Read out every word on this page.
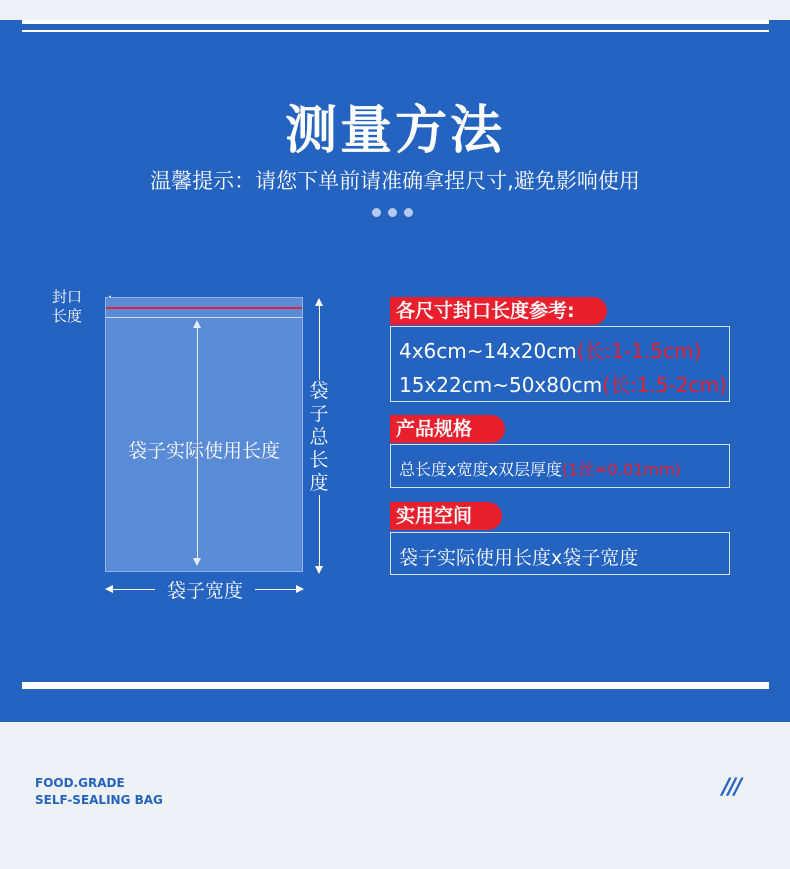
测量方法
温馨提示：请您下单前请准确拿捏尺寸,避免影响使用
封口
长度
袋子实际使用长度
袋
子
总
长
度
袋子宽度
各尺寸封口长度参考:
4x6cm~14x20cm(长:1-1.5cm)
15x22cm~50x80cm(长:1.5-2cm)
产品规格
总长度x宽度x双层厚度(1丝=0.01mm)
实用空间
袋子实际使用长度x袋子宽度
FOOD.GRADE
SELF-SEALING BAG	///
